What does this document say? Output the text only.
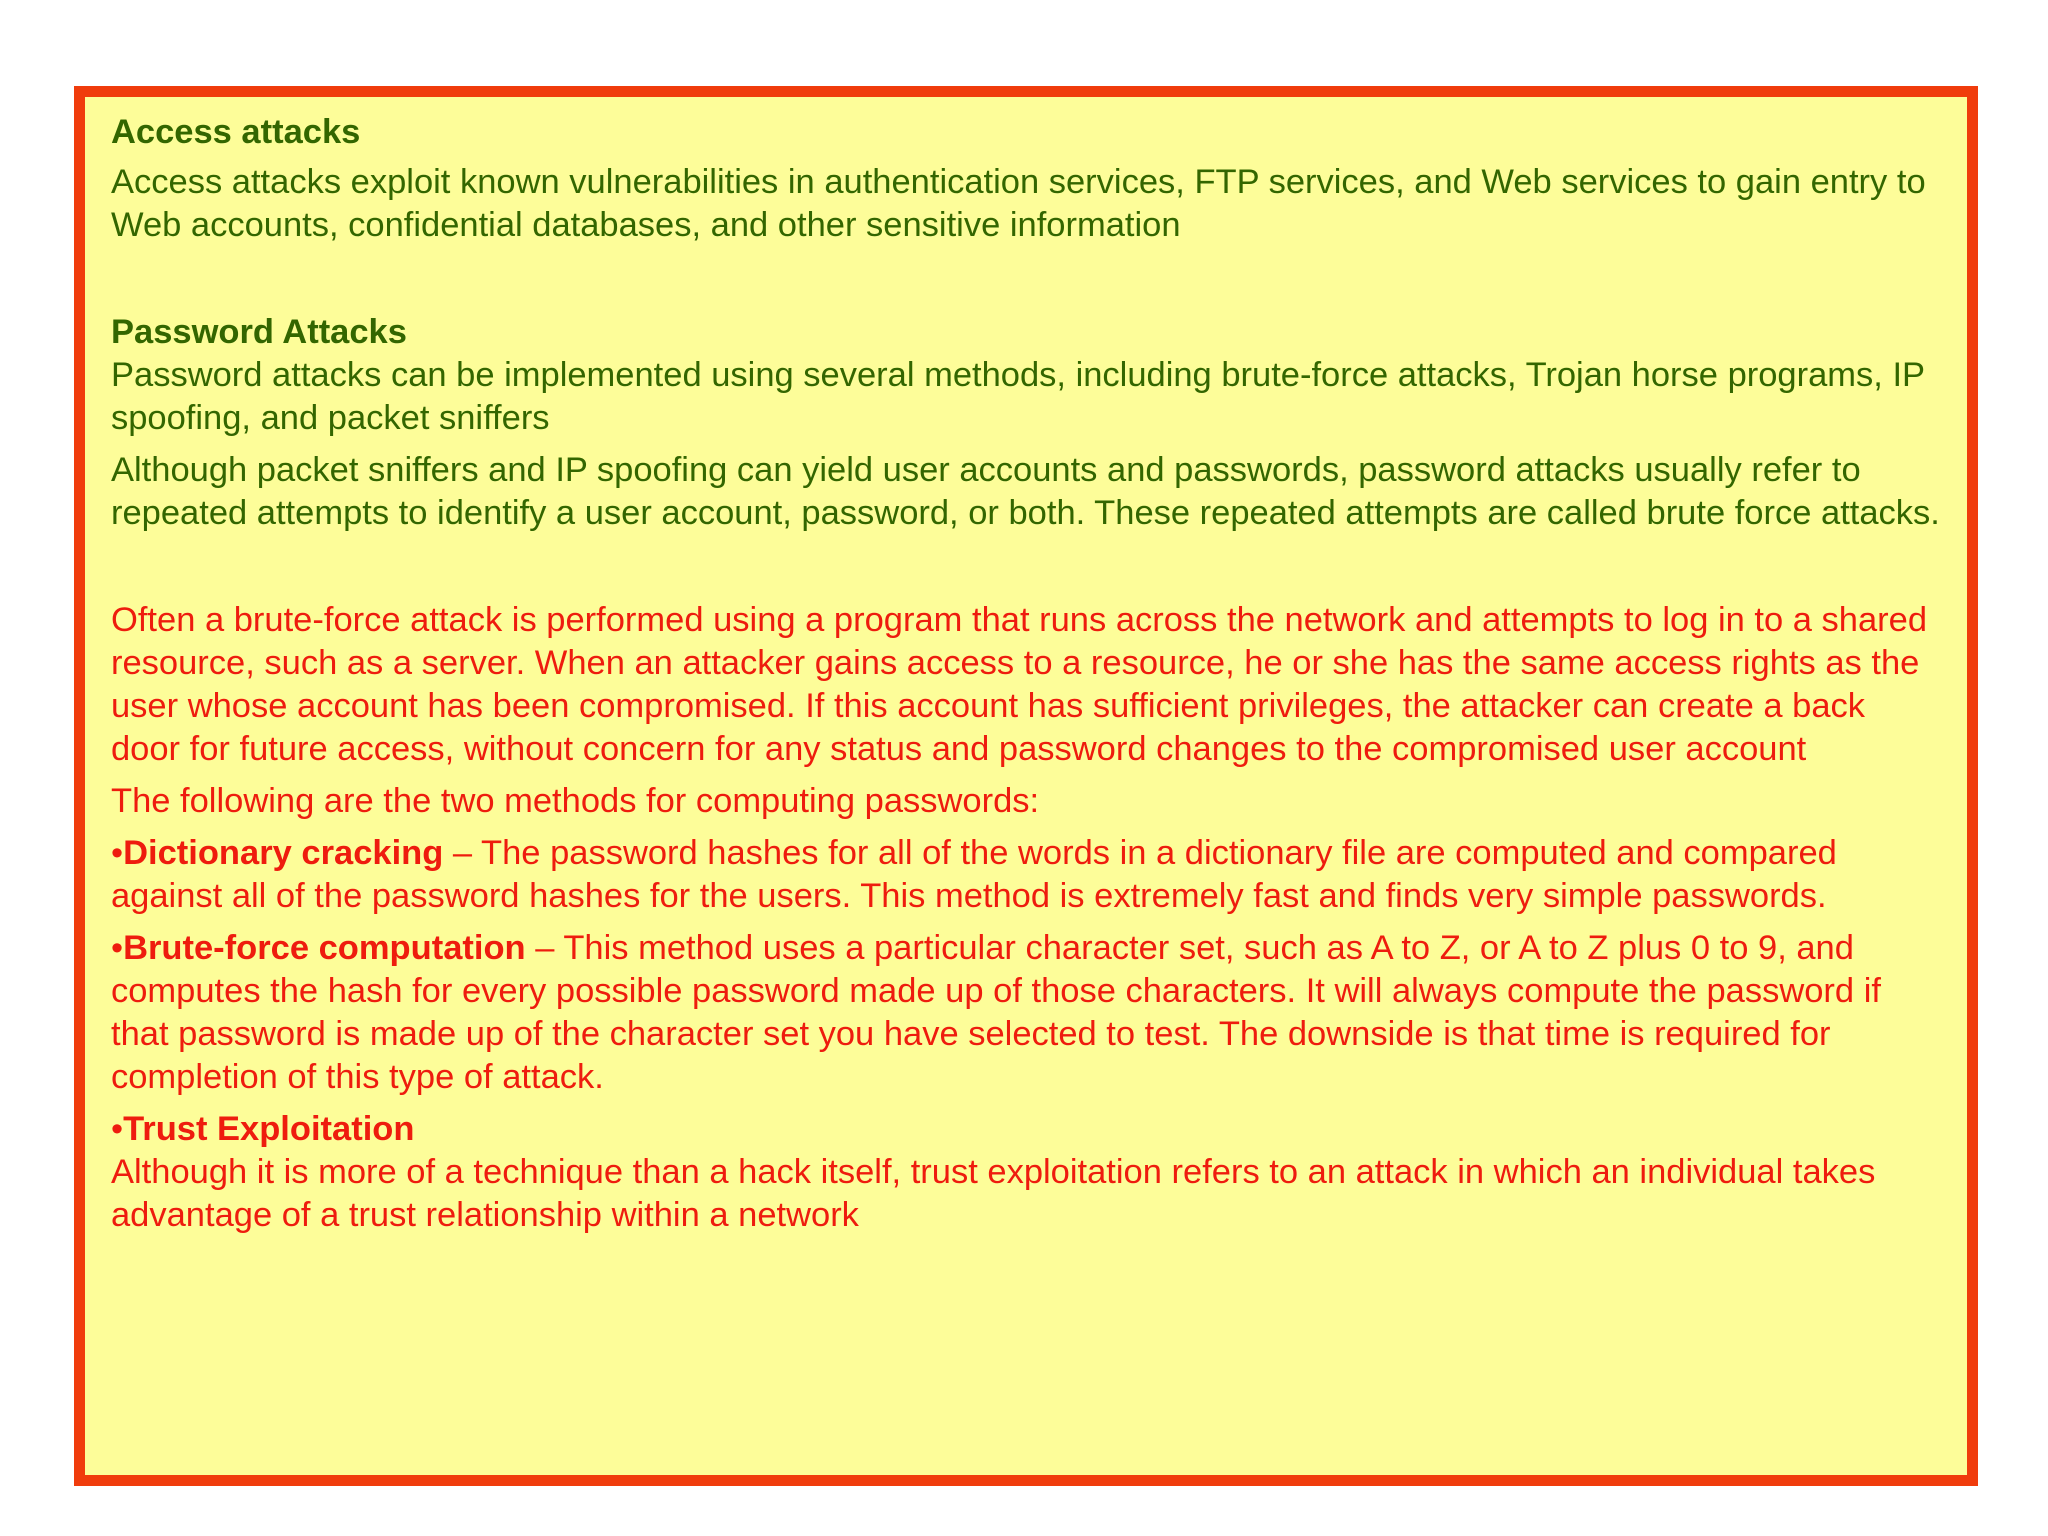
Access attacks

Access attacks exploit known vulnerabilities in authentication services, FTP services, and Web services to gain entry to Web accounts, confidential databases, and other sensitive information

Password Attacks

Password attacks can be implemented using several methods, including brute-force attacks, Trojan horse programs, IP spoofing, and packet sniffers

Although packet sniffers and IP spoofing can yield user accounts and passwords, password attacks usually refer to repeated attempts to identify a user account, password, or both. These repeated attempts are called brute force attacks.

Often a brute-force attack is performed using a program that runs across the network and attempts to log in to a shared resource, such as a server. When an attacker gains access to a resource, he or she has the same access rights as the user whose account has been compromised. If this account has sufficient privileges, the attacker can create a back door for future access, without concern for any status and password changes to the compromised user account

The following are the two methods for computing passwords:

•Dictionary cracking – The password hashes for all of the words in a dictionary file are computed and compared against all of the password hashes for the users. This method is extremely fast and finds very simple passwords.

•Brute-force computation – This method uses a particular character set, such as A to Z, or A to Z plus 0 to 9, and computes the hash for every possible password made up of those characters. It will always compute the password if that password is made up of the character set you have selected to test. The downside is that time is required for completion of this type of attack.

•Trust Exploitation

Although it is more of a technique than a hack itself, trust exploitation refers to an attack in which an individual takes advantage of a trust relationship within a network
